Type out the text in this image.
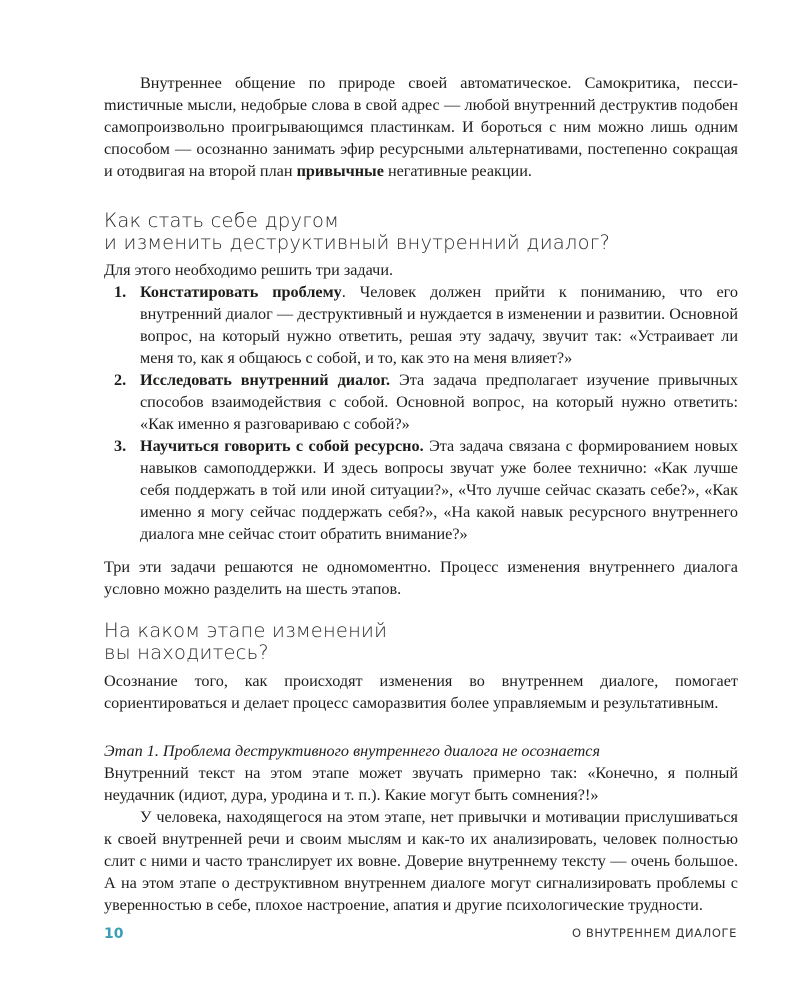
Внутреннее общение по природе своей автоматическое. Самокритика, пессиmистичные мысли, недобрые слова в свой адрес — любой внутренний деструктив подобен самопроизвольно проигрывающимся пластинкам. И бороться с ним можно лишь одним способом — осознанно занимать эфир ресурсными альтернативами, постепенно сокращая и отодвигая на второй план привычные негативные реакции.
Как стать себе другом
и изменить деструктивный внутренний диалог?
Для этого необходимо решить три задачи.
1. Констатировать проблему. Человек должен прийти к пониманию, что его внутренний диалог — деструктивный и нуждается в изменении и развитии. Основной вопрос, на который нужно ответить, решая эту задачу, звучит так: «Устраивает ли меня то, как я общаюсь с собой, и то, как это на меня влияет?»
2. Исследовать внутренний диалог. Эта задача предполагает изучение привычных способов взаимодействия с собой. Основной вопрос, на который нужно ответить: «Как именно я разговариваю с собой?»
3. Научиться говорить с собой ресурсно. Эта задача связана с формированием новых навыков самоподдержки. И здесь вопросы звучат уже более технично: «Как лучше себя поддержать в той или иной ситуации?», «Что лучше сейчас сказать себе?», «Как именно я могу сейчас поддержать себя?», «На какой навык ресурсного внутреннего диалога мне сейчас стоит обратить внимание?»
Три эти задачи решаются не одномоментно. Процесс изменения внутреннего диалога условно можно разделить на шесть этапов.
На каком этапе изменений
вы находитесь?
Осознание того, как происходят изменения во внутреннем диалоге, помогает сориентироваться и делает процесс саморазвития более управляемым и результативным.
Этап 1. Проблема деструктивного внутреннего диалога не осознается
Внутренний текст на этом этапе может звучать примерно так: «Конечно, я полный неудачник (идиот, дура, уродина и т. п.). Какие могут быть сомнения?!»
У человека, находящегося на этом этапе, нет привычки и мотивации прислушиваться к своей внутренней речи и своим мыслям и как-то их анализировать, человек полностью слит с ними и часто транслирует их вовне. Доверие внутреннему тексту — очень большое. А на этом этапе о деструктивном внутреннем диалоге могут сигнализировать проблемы с уверенностью в себе, плохое настроение, апатия и другие психологические трудности.
10	О ВНУТРЕННЕМ ДИАЛОГЕ
